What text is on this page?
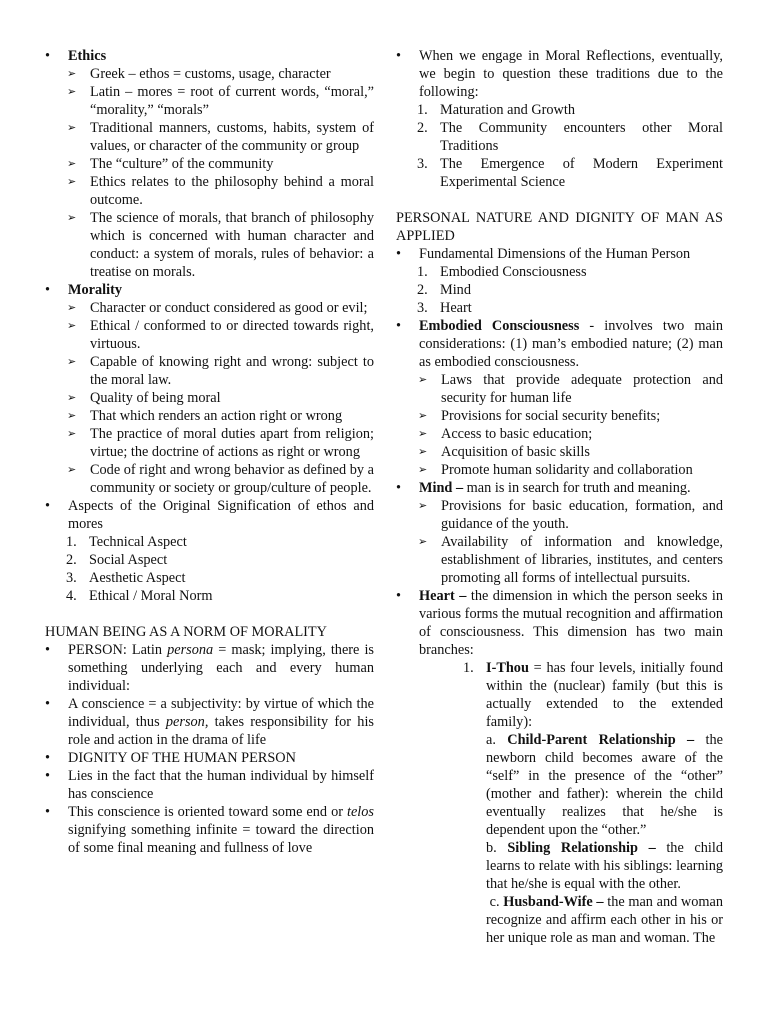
• Ethics
➢ Greek – ethos = customs, usage, character
➢ Latin – mores = root of current words, “moral,” “morality,” “morals”
➢ Traditional manners, customs, habits, system of values, or character of the community or group
➢ The “culture” of the community
➢ Ethics relates to the philosophy behind a moral outcome.
➢ The science of morals, that branch of philosophy which is concerned with human character and conduct: a system of morals, rules of behavior: a treatise on morals.
• Morality
➢ Character or conduct considered as good or evil;
➢ Ethical / conformed to or directed towards right, virtuous.
➢ Capable of knowing right and wrong: subject to the moral law.
➢ Quality of being moral
➢ That which renders an action right or wrong
➢ The practice of moral duties apart from religion; virtue; the doctrine of actions as right or wrong
➢ Code of right and wrong behavior as defined by a community or society or group/culture of people.
• Aspects of the Original Signification of ethos and mores
1. Technical Aspect
2. Social Aspect
3. Aesthetic Aspect
4. Ethical / Moral Norm
HUMAN BEING AS A NORM OF MORALITY
• PERSON: Latin persona = mask; implying, there is something underlying each and every human individual:
• A conscience = a subjectivity: by virtue of which the individual, thus person, takes responsibility for his role and action in the drama of life
• DIGNITY OF THE HUMAN PERSON
• Lies in the fact that the human individual by himself has conscience
• This conscience is oriented toward some end or telos signifying something infinite = toward the direction of some final meaning and fullness of love
• When we engage in Moral Reflections, eventually, we begin to question these traditions due to the following:
1. Maturation and Growth
2. The Community encounters other Moral Traditions
3. The Emergence of Modern Experiment Experimental Science
PERSONAL NATURE AND DIGNITY OF MAN AS APPLIED
• Fundamental Dimensions of the Human Person
1. Embodied Consciousness
2. Mind
3. Heart
• Embodied Consciousness - involves two main considerations: (1) man’s embodied nature; (2) man as embodied consciousness.
➢ Laws that provide adequate protection and security for human life
➢ Provisions for social security benefits;
➢ Access to basic education;
➢ Acquisition of basic skills
➢ Promote human solidarity and collaboration
• Mind – man is in search for truth and meaning.
➢ Provisions for basic education, formation, and guidance of the youth.
➢ Availability of information and knowledge, establishment of libraries, institutes, and centers promoting all forms of intellectual pursuits.
• Heart – the dimension in which the person seeks in various forms the mutual recognition and affirmation of consciousness. This dimension has two main branches:
1. I-Thou = has four levels, initially found within the (nuclear) family (but this is actually extended to the extended family):
a. Child-Parent Relationship – the newborn child becomes aware of the “self” in the presence of the “other” (mother and father): wherein the child eventually realizes that he/she is dependent upon the “other.”
b. Sibling Relationship – the child learns to relate with his siblings: learning that he/she is equal with the other.
c. Husband-Wife – the man and woman recognize and affirm each other in his or her unique role as man and woman. The
